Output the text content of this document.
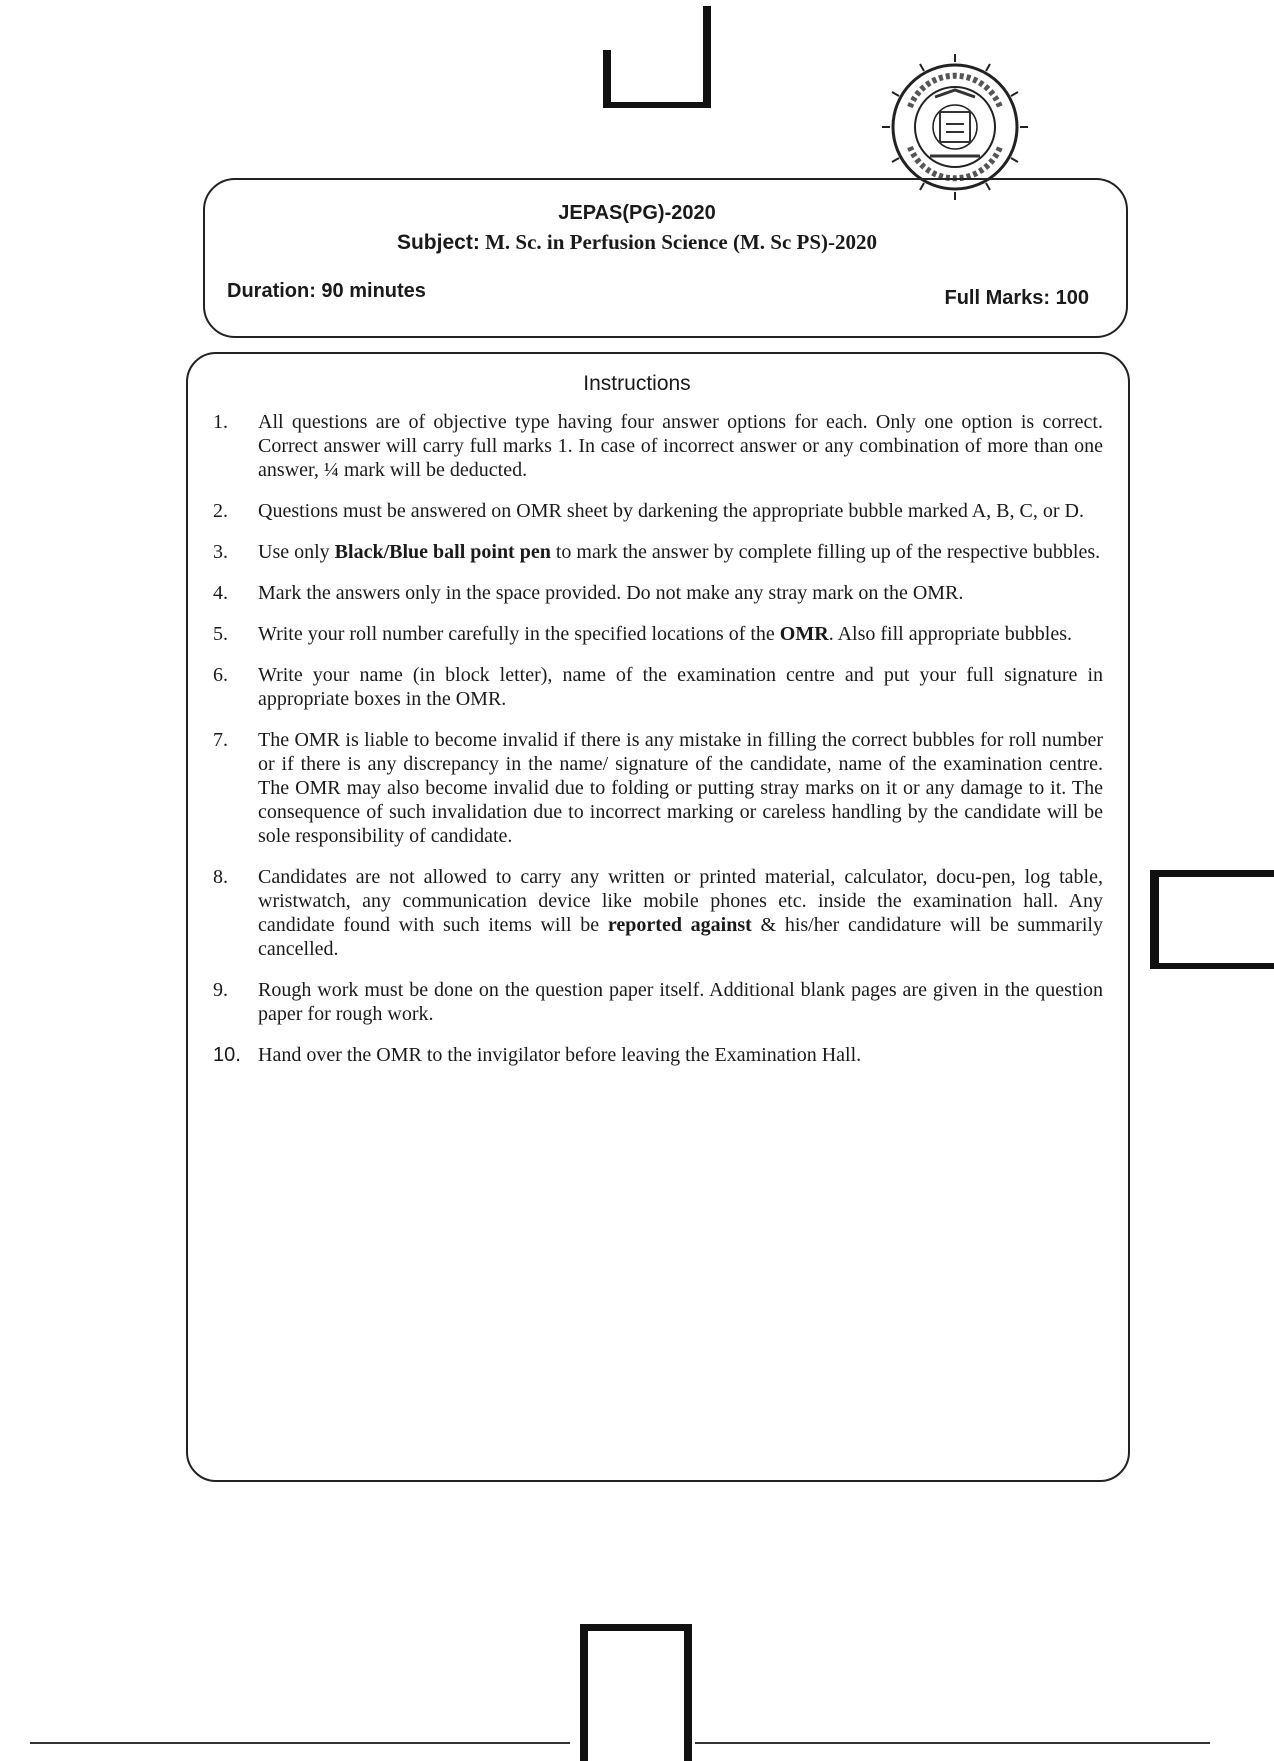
JEPAS(PG)-2020
Subject: M. Sc. in Perfusion Science (M. Sc PS)-2020
Duration: 90 minutes	Full Marks: 100
Instructions
1.	All questions are of objective type having four answer options for each. Only one option is correct. Correct answer will carry full marks 1. In case of incorrect answer or any combination of more than one answer, ¼ mark will be deducted.
2.	Questions must be answered on OMR sheet by darkening the appropriate bubble marked A, B, C, or D.
3.	Use only Black/Blue ball point pen to mark the answer by complete filling up of the respective bubbles.
4.	Mark the answers only in the space provided. Do not make any stray mark on the OMR.
5.	Write your roll number carefully in the specified locations of the OMR. Also fill appropriate bubbles.
6.	Write your name (in block letter), name of the examination centre and put your full signature in appropriate boxes in the OMR.
7.	The OMR is liable to become invalid if there is any mistake in filling the correct bubbles for roll number or if there is any discrepancy in the name/ signature of the candidate, name of the examination centre. The OMR may also become invalid due to folding or putting stray marks on it or any damage to it. The consequence of such invalidation due to incorrect marking or careless handling by the candidate will be sole responsibility of candidate.
8.	Candidates are not allowed to carry any written or printed material, calculator, docu-pen, log table, wristwatch, any communication device like mobile phones etc. inside the examination hall. Any candidate found with such items will be reported against & his/her candidature will be summarily cancelled.
9.	Rough work must be done on the question paper itself. Additional blank pages are given in the question paper for rough work.
10. Hand over the OMR to the invigilator before leaving the Examination Hall.
